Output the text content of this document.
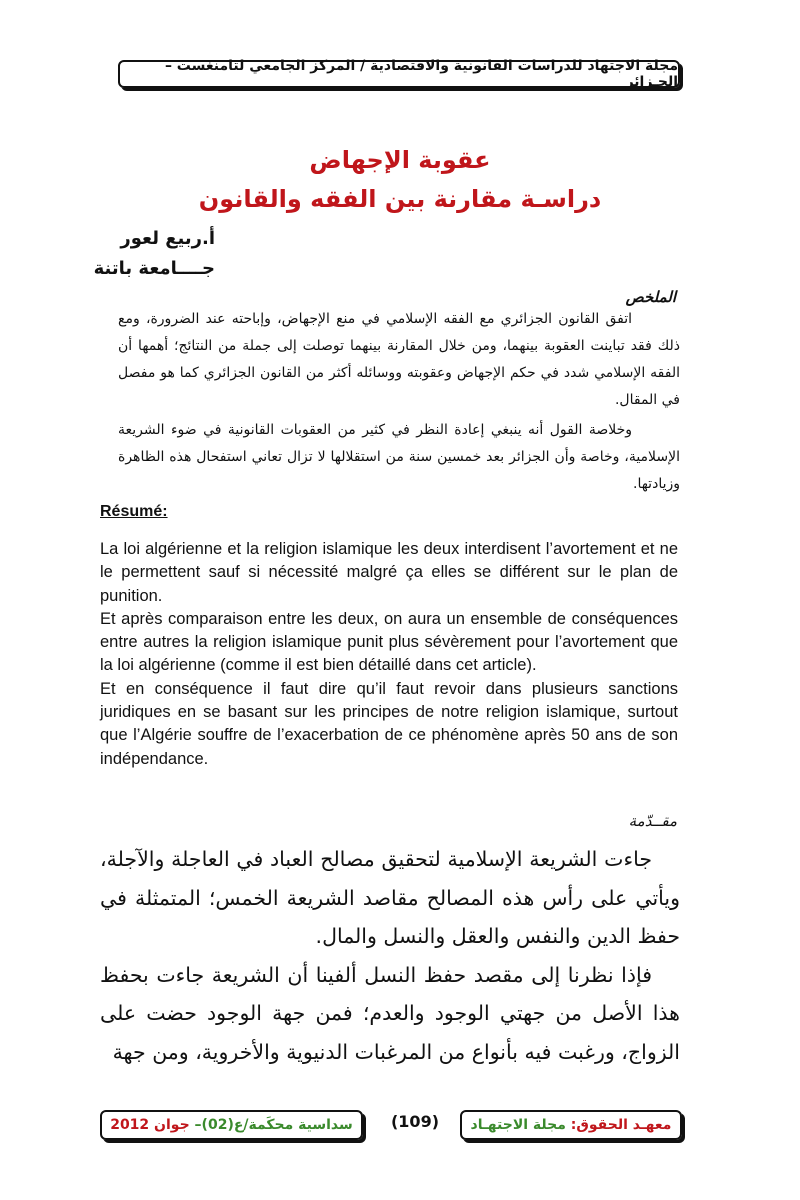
مجلة الاجتهاد للدراسات القانونية والاقتصادية / المركز الجامعي لتامنغست – الجـزائر
عقوبة الإجهاض
دراسـة مقارنة بين الفقه والقانون
أ.ربيع لعور
جــــامعة باتنة
الملخص

اتفق القانون الجزائري مع الفقه الإسلامي في منع الإجهاض، وإباحته عند الضرورة، ومع ذلك فقد تباينت العقوبة بينهما، ومن خلال المقارنة بينهما توصلت إلى جملة من النتائج؛ أهمها أن الفقه الإسلامي شدد في حكم الإجهاض وعقوبته ووسائله أكثر من القانون الجزائري كما هو مفصل في المقال.

وخلاصة القول أنه ينبغي إعادة النظر في كثير من العقوبات القانونية في ضوء الشريعة الإسلامية، وخاصة وأن الجزائر بعد خمسين سنة من استقلالها لا تزال تعاني استفحال هذه الظاهرة وزيادتها.

Résumé:

La loi algérienne et la religion islamique les deux interdisent l’avortement et ne le permettent sauf si nécessité malgré ça elles se différent sur le plan de punition.

Et après comparaison entre les deux, on aura un ensemble de conséquences entre autres la religion islamique punit plus sévèrement pour l’avortement que la loi algérienne (comme il est bien détaillé dans cet article).

Et en conséquence il faut dire qu’il faut revoir dans plusieurs sanctions juridiques en se basant sur les principes de notre religion islamique, surtout que l’Algérie souffre de l’exacerbation de ce phénomène après 50 ans de son indépendance.

مقــدّمة

جاءت الشريعة الإسلامية لتحقيق مصالح العباد في العاجلة والآجلة، ويأتي على رأس هذه المصالح مقاصد الشريعة الخمس؛ المتمثلة في حفظ الدين والنفس والعقل والنسل والمال.

فإذا نظرنا إلى مقصد حفظ النسل ألفينا أن الشريعة جاءت بحفظ هذا الأصل من جهتي الوجود والعدم؛ فمن جهة الوجود حضت على الزواج، ورغبت فيه بأنواع من المرغبات الدنيوية والأخروية، ومن جهة

سداسية محكَمة/ع(02)–

جوان 2012	(109)	معهـد الحقوق:

مجلة الاجتهـاد
